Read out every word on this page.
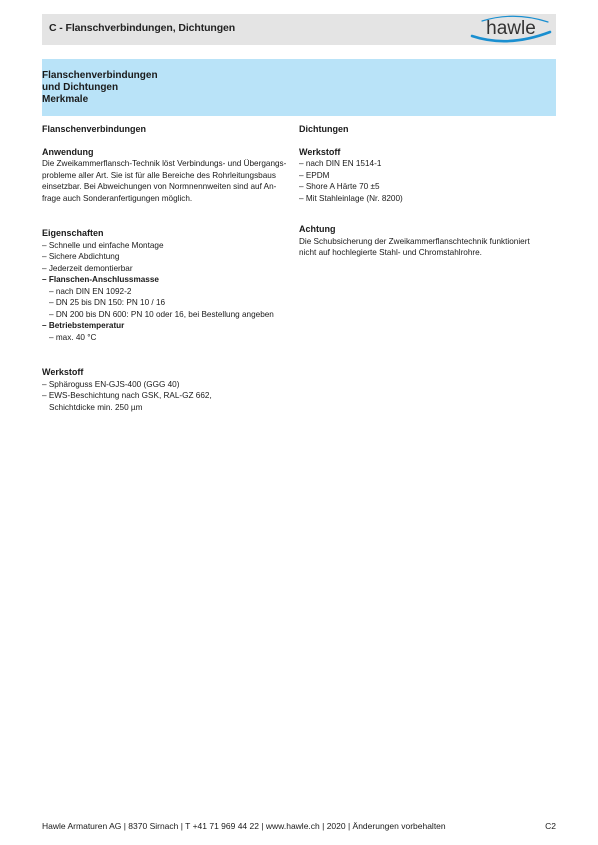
C - Flanschverbindungen, Dichtungen	hawle
Flanschenverbindungen
und Dichtungen
Merkmale
Flanschenverbindungen
Anwendung
Die Zweikammerflansch-Technik löst Verbindungs- und Übergangs-
probleme aller Art. Sie ist für alle Bereiche des Rohrleitungsbaus
einsetzbar. Bei Abweichungen von Normnennweiten sind auf An-
frage auch Sonderanfertigungen möglich.
Eigenschaften
– Schnelle und einfache Montage
– Sichere Abdichtung
– Jederzeit demontierbar
– Flanschen-Anschlussmasse
– nach DIN EN 1092-2
– DN 25 bis DN 150: PN 10 / 16
– DN 200 bis DN 600: PN 10 oder 16, bei Bestellung angeben
– Betriebstemperatur
– max. 40 °C
Werkstoff
– Sphäroguss EN-GJS-400 (GGG 40)
– EWS-Beschichtung nach GSK, RAL-GZ 662,
Schichtdicke min. 250 µm
Dichtungen
Werkstoff
– nach DIN EN 1514-1
– EPDM
– Shore A Härte 70 ±5
– Mit Stahleinlage (Nr. 8200)
Achtung
Die Schubsicherung der Zweikammerflanschtechnik funktioniert
nicht auf hochlegierte Stahl- und Chromstahlrohre.
Hawle Armaturen AG | 8370 Sirnach | T +41 71 969 44 22 | www.hawle.ch | 2020 | Änderungen vorbehalten	C2
